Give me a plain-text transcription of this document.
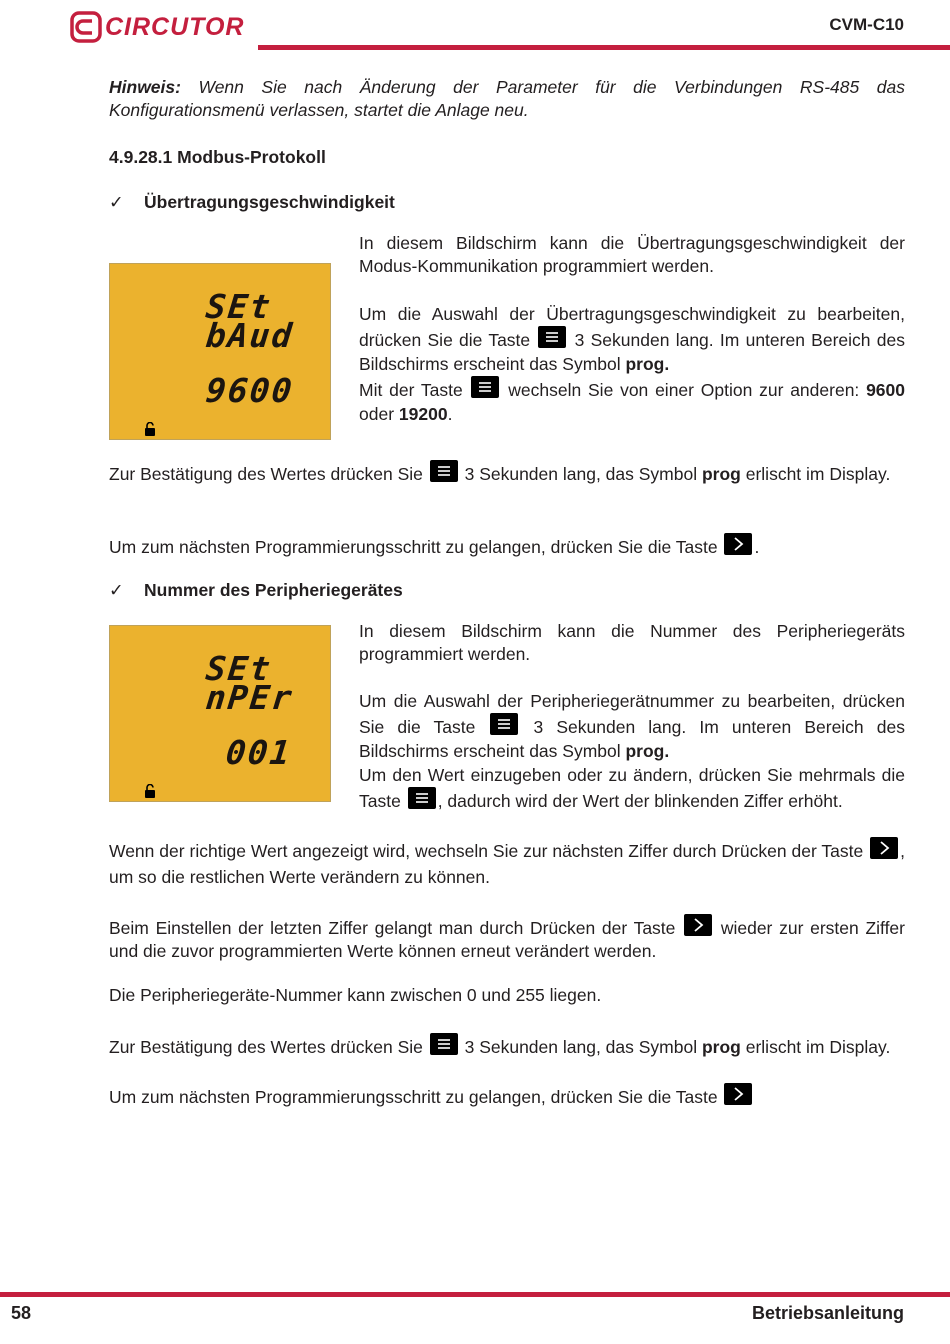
CIRCUTOR	CVM-C10
Hinweis: Wenn Sie nach Änderung der Parameter für die Verbindungen RS-485 das Konfigurationsmenü verlassen, startet die Anlage neu.
4.9.28.1 Modbus-Protokoll
✓ Übertragungsgeschwindigkeit
SEt
bAud
9600
In diesem Bildschirm kann die Übertragungsgeschwindigkeit der Modus-Kommunikation programmiert werden.
Um die Auswahl der Übertragungsgeschwindigkeit zu bearbeiten, drücken Sie die Taste
3 Sekunden lang. Im unteren Bereich des Bildschirms erscheint das Symbol prog.
Mit der Taste
wechseln Sie von einer Option zur anderen: 9600 oder 19200.
Zur Bestätigung des Wertes drücken Sie
3 Sekunden lang, das Symbol prog erlischt im Display.
Um zum nächsten Programmierungsschritt zu gelangen, drücken Sie die Taste
.
✓ Nummer des Peripheriegerätes
SEt
nPEr
001
In diesem Bildschirm kann die Nummer des Peripheriegeräts programmiert werden.
Um die Auswahl der Peripheriegerätnummer zu bearbeiten, drücken Sie die Taste
3 Sekunden lang. Im unteren Bereich des Bildschirms erscheint das Symbol prog.
Um den Wert einzugeben oder zu ändern, drücken Sie mehrmals die Taste
, dadurch wird der Wert der blinkenden Ziffer erhöht.
Wenn der richtige Wert angezeigt wird, wechseln Sie zur nächsten Ziffer durch Drücken der Taste
, um so die restlichen Werte verändern zu können.
Beim Einstellen der letzten Ziffer gelangt man durch Drücken der Taste
wieder zur ersten Ziffer und die zuvor programmierten Werte können erneut verändert werden.
Die Peripheriegeräte-Nummer kann zwischen 0 und 255 liegen.
Zur Bestätigung des Wertes drücken Sie
3 Sekunden lang, das Symbol prog erlischt im Display.
Um zum nächsten Programmierungsschritt zu gelangen, drücken Sie die Taste
58	Betriebsanleitung
